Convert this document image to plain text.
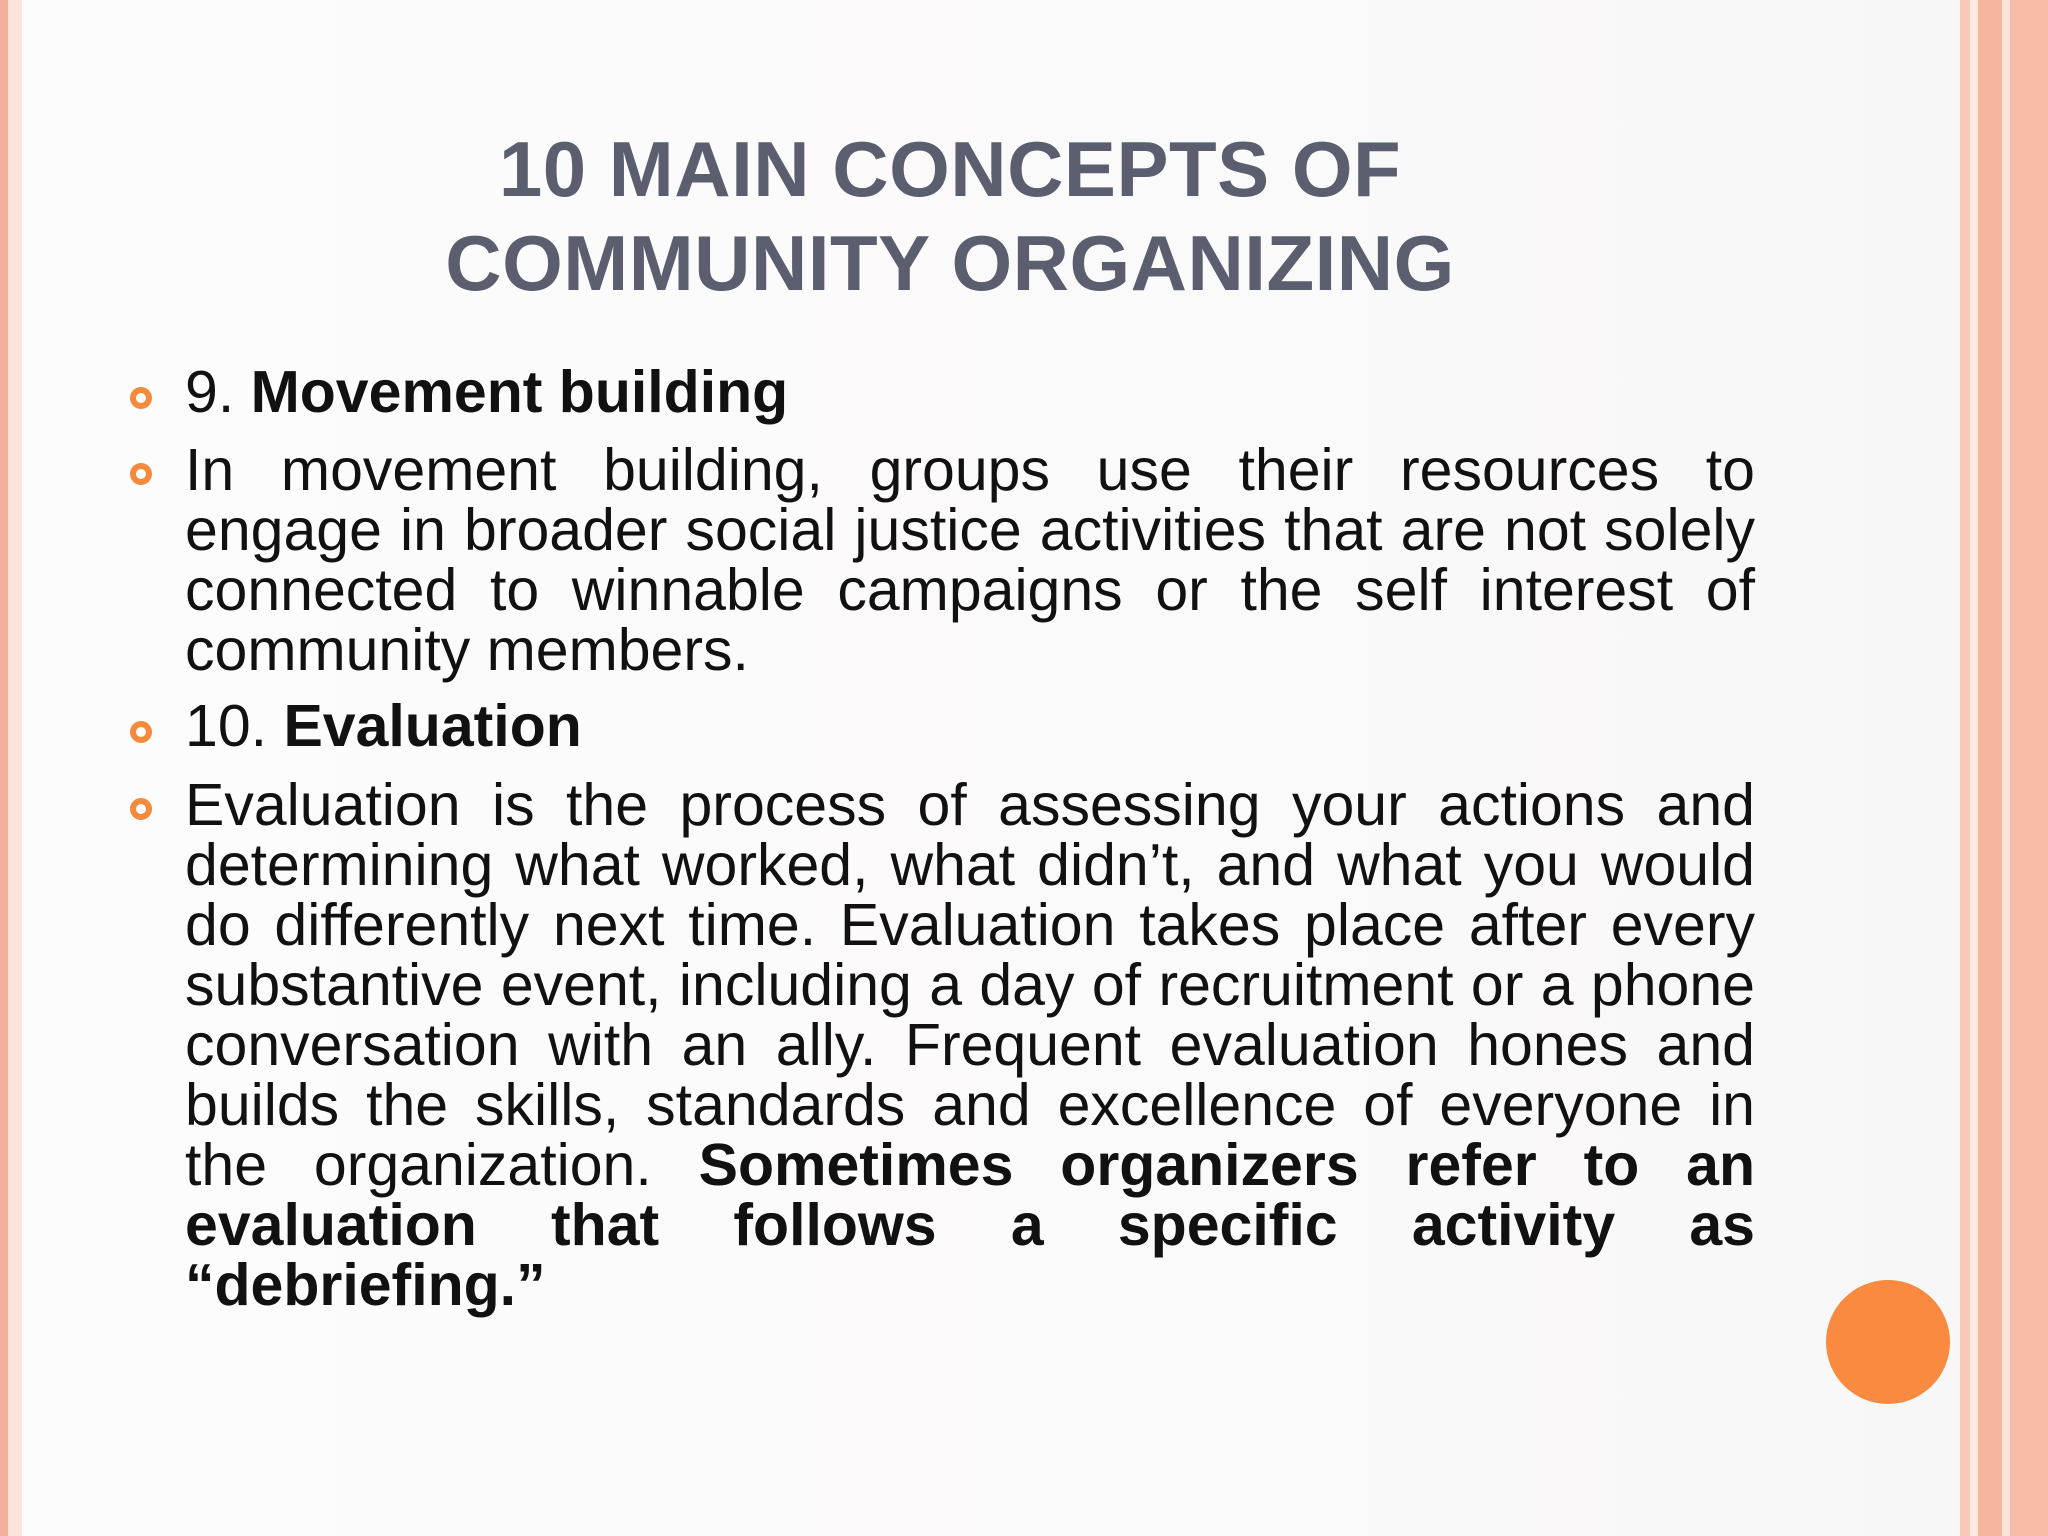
10 MAIN CONCEPTS OF
COMMUNITY ORGANIZING

9. Movement building

In movement building, groups use their resources to engage in broader social justice activities that are not solely connected to winnable campaigns or the self interest of community members.

10. Evaluation

Evaluation is the process of assessing your actions and determining what worked, what didn’t, and what you would do differently next time. Evaluation takes place after every substantive event, including a day of recruitment or a phone conversation with an ally. Frequent evaluation hones and builds the skills, standards and excellence of everyone in the organization. Sometimes organizers refer to an evaluation that follows a specific activity as “debriefing.”
